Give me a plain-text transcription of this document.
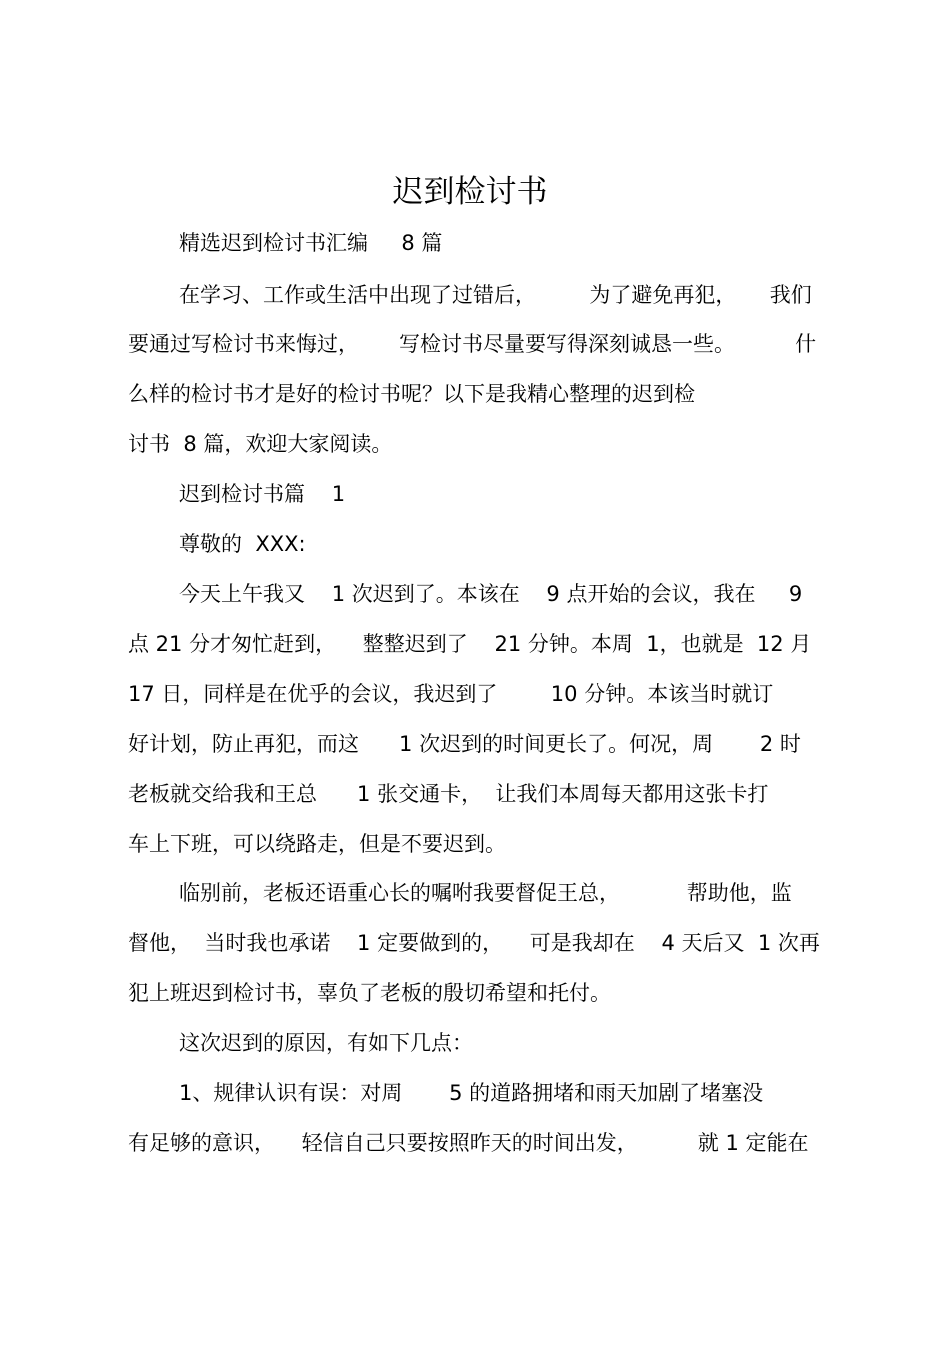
迟到检讨书
精选迟到检讨书汇编     8 篇
在学习、工作或生活中出现了过错后，        为了避免再犯，     我们
要通过写检讨书来悔过，      写检讨书尽量要写得深刻诚恳一些。         什
么样的检讨书才是好的检讨书呢？以下是我精心整理的迟到检
讨书  8 篇，欢迎大家阅读。
迟到检讨书篇    1
尊敬的  XXX:
今天上午我又    1 次迟到了。本该在    9 点开始的会议，我在     9
点 21 分才匆忙赶到，    整整迟到了    21 分钟。本周  1，也就是  12 月
17 日，同样是在优乎的会议，我迟到了        10 分钟。本该当时就订
好计划，防止再犯，而这      1 次迟到的时间更长了。何况，周       2 时
老板就交给我和王总      1 张交通卡，  让我们本周每天都用这张卡打
车上下班，可以绕路走，但是不要迟到。
临别前，老板还语重心长的嘱咐我要督促王总，          帮助他，监
督他，  当时我也承诺    1 定要做到的，    可是我却在    4 天后又  1 次再
犯上班迟到检讨书，辜负了老板的殷切希望和托付。
这次迟到的原因，有如下几点：
1、规律认识有误：对周       5 的道路拥堵和雨天加剧了堵塞没
有足够的意识，    轻信自己只要按照昨天的时间出发，         就 1 定能在
